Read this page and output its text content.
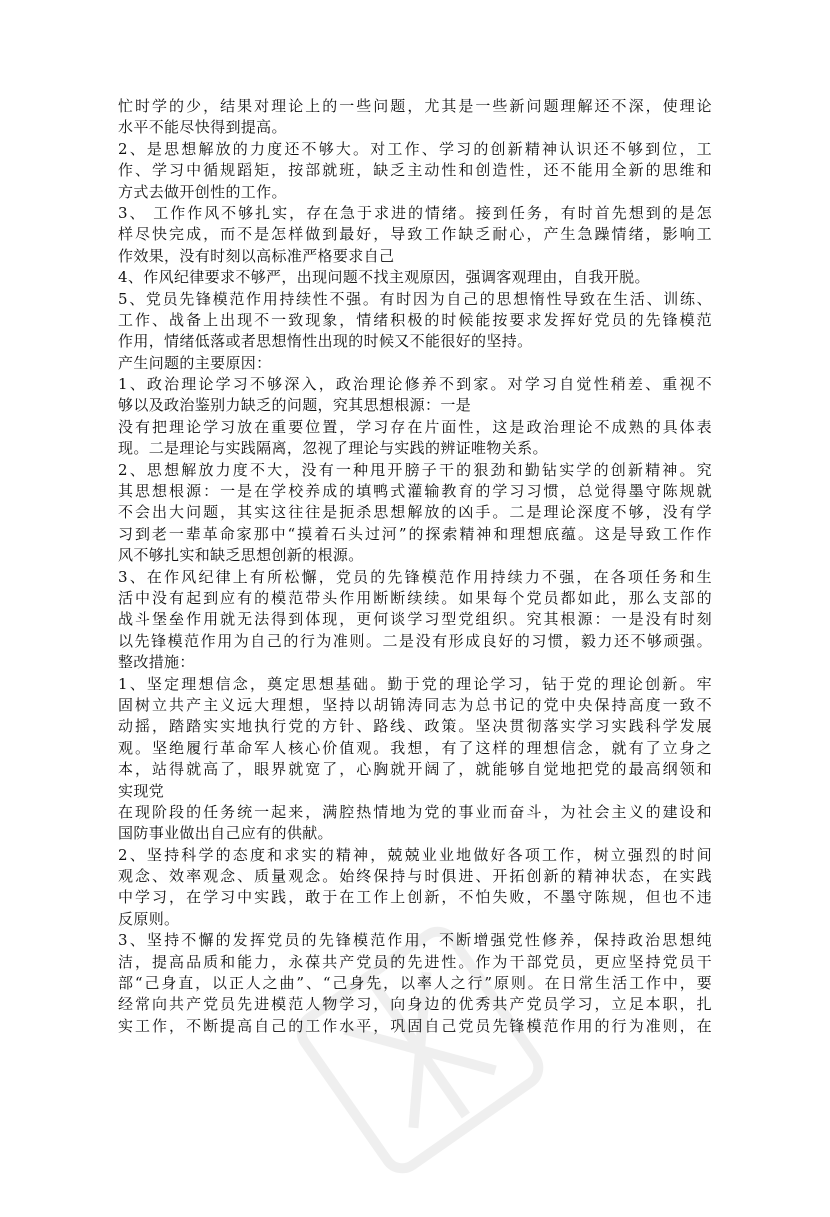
忙时学的少，结果对理论上的一些问题，尤其是一些新问题理解还不深，使理论
水平不能尽快得到提高。
2、是思想解放的力度还不够大。对工作、学习的创新精神认识还不够到位，工
作、学习中循规蹈矩，按部就班，缺乏主动性和创造性，还不能用全新的思维和
方式去做开创性的工作。
3、 工作作风不够扎实，存在急于求进的情绪。接到任务，有时首先想到的是怎
样尽快完成，而不是怎样做到最好，导致工作缺乏耐心，产生急躁情绪，影响工
作效果，没有时刻以高标准严格要求自己
4、作风纪律要求不够严，出现问题不找主观原因，强调客观理由，自我开脱。
5、党员先锋模范作用持续性不强。有时因为自己的思想惰性导致在生活、训练、
工作、战备上出现不一致现象，情绪积极的时候能按要求发挥好党员的先锋模范
作用，情绪低落或者思想惰性出现的时候又不能很好的坚持。
产生问题的主要原因：
1、政治理论学习不够深入，政治理论修养不到家。对学习自觉性稍差、重视不
够以及政治鉴别力缺乏的问题，究其思想根源：一是
没有把理论学习放在重要位置，学习存在片面性，这是政治理论不成熟的具体表
现。二是理论与实践隔离，忽视了理论与实践的辨证唯物关系。
2、思想解放力度不大，没有一种甩开膀子干的狠劲和勤钻实学的创新精神。究
其思想根源：一是在学校养成的填鸭式灌输教育的学习习惯，总觉得墨守陈规就
不会出大问题，其实这往往是扼杀思想解放的凶手。二是理论深度不够，没有学
习到老一辈革命家那中“摸着石头过河”的探索精神和理想底蕴。这是导致工作作
风不够扎实和缺乏思想创新的根源。
3、在作风纪律上有所松懈，党员的先锋模范作用持续力不强，在各项任务和生
活中没有起到应有的模范带头作用断断续续。如果每个党员都如此，那么支部的
战斗堡垒作用就无法得到体现，更何谈学习型党组织。究其根源：一是没有时刻
以先锋模范作用为自己的行为准则。二是没有形成良好的习惯，毅力还不够顽强。
整改措施：
1、坚定理想信念，奠定思想基础。勤于党的理论学习，钻于党的理论创新。牢
固树立共产主义远大理想，坚持以胡锦涛同志为总书记的党中央保持高度一致不
动摇，踏踏实实地执行党的方针、路线、政策。坚决贯彻落实学习实践科学发展
观。坚绝履行革命军人核心价值观。我想，有了这样的理想信念，就有了立身之
本，站得就高了，眼界就宽了，心胸就开阔了，就能够自觉地把党的最高纲领和
实现党
在现阶段的任务统一起来，满腔热情地为党的事业而奋斗，为社会主义的建设和
国防事业做出自己应有的供献。
2、坚持科学的态度和求实的精神，兢兢业业地做好各项工作，树立强烈的时间
观念、效率观念、质量观念。始终保持与时俱进、开拓创新的精神状态，在实践
中学习，在学习中实践，敢于在工作上创新，不怕失败，不墨守陈规，但也不违
反原则。
3、坚持不懈的发挥党员的先锋模范作用，不断增强党性修养，保持政治思想纯
洁，提高品质和能力，永葆共产党员的先进性。作为干部党员，更应坚持党员干
部“己身直，以正人之曲”、“己身先，以率人之行”原则。在日常生活工作中，要
经常向共产党员先进模范人物学习，向身边的优秀共产党员学习，立足本职，扎
实工作，不断提高自己的工作水平，巩固自己党员先锋模范作用的行为准则，在
